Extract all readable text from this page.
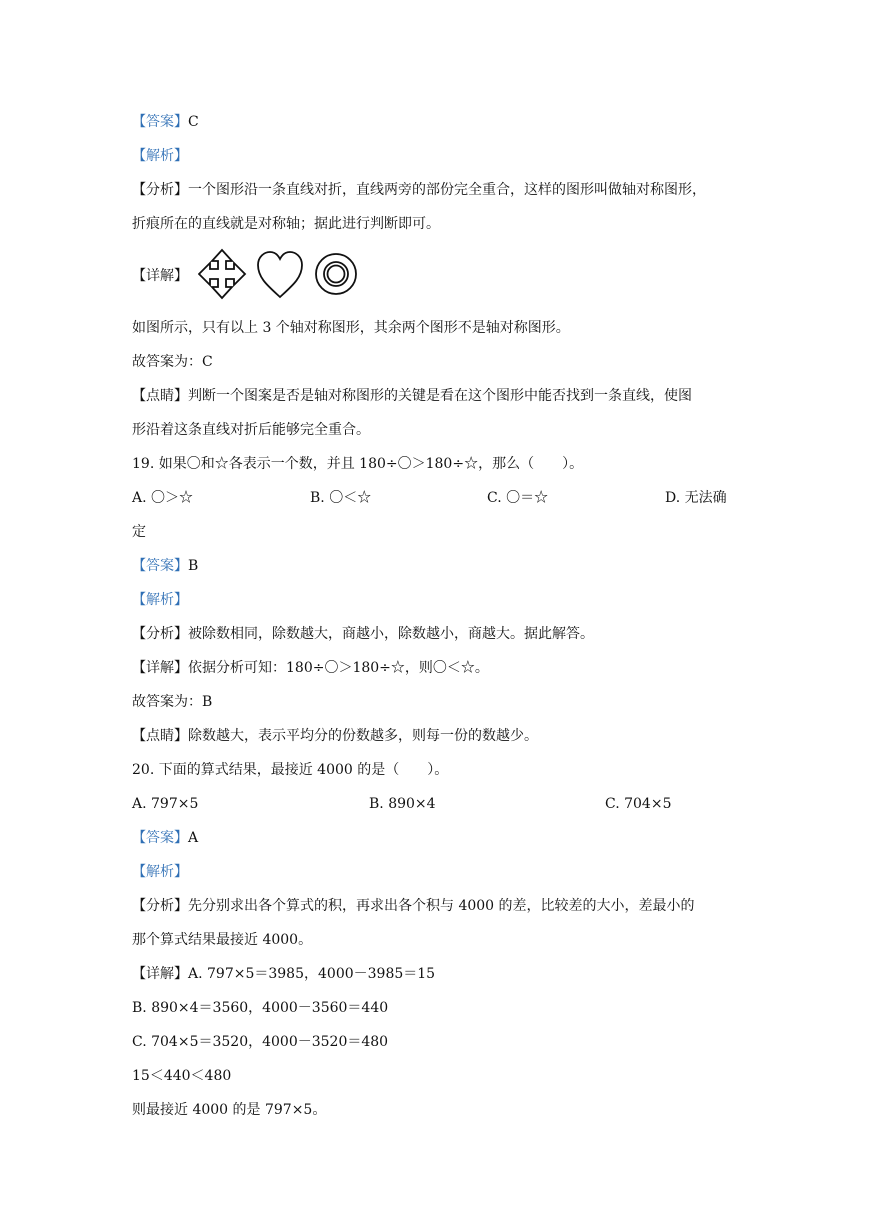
【答案】C
【解析】
【分析】一个图形沿一条直线对折，直线两旁的部份完全重合，这样的图形叫做轴对称图形，
折痕所在的直线就是对称轴；据此进行判断即可。
【详解】
如图所示，只有以上 3 个轴对称图形，其余两个图形不是轴对称图形。
故答案为：C
【点睛】判断一个图案是否是轴对称图形的关键是看在这个图形中能否找到一条直线，使图
形沿着这条直线对折后能够完全重合。
19. 如果〇和☆各表示一个数，并且 180÷〇＞180÷☆，那么（　　）。
A. 〇＞☆	B. 〇＜☆	C. 〇＝☆	D. 无法确
定
【答案】B
【解析】
【分析】被除数相同，除数越大，商越小，除数越小，商越大。据此解答。
【详解】依据分析可知：180÷〇＞180÷☆，则〇＜☆。
故答案为：B
【点睛】除数越大，表示平均分的份数越多，则每一份的数越少。
20. 下面的算式结果，最接近 4000 的是（　　）。
A. 797×5	B. 890×4	C. 704×5
【答案】A
【解析】
【分析】先分别求出各个算式的积，再求出各个积与 4000 的差，比较差的大小，差最小的
那个算式结果最接近 4000。
【详解】A. 797×5＝3985，4000－3985＝15
B. 890×4＝3560，4000－3560＝440
C. 704×5＝3520，4000－3520＝480
15＜440＜480
则最接近 4000 的是 797×5。
